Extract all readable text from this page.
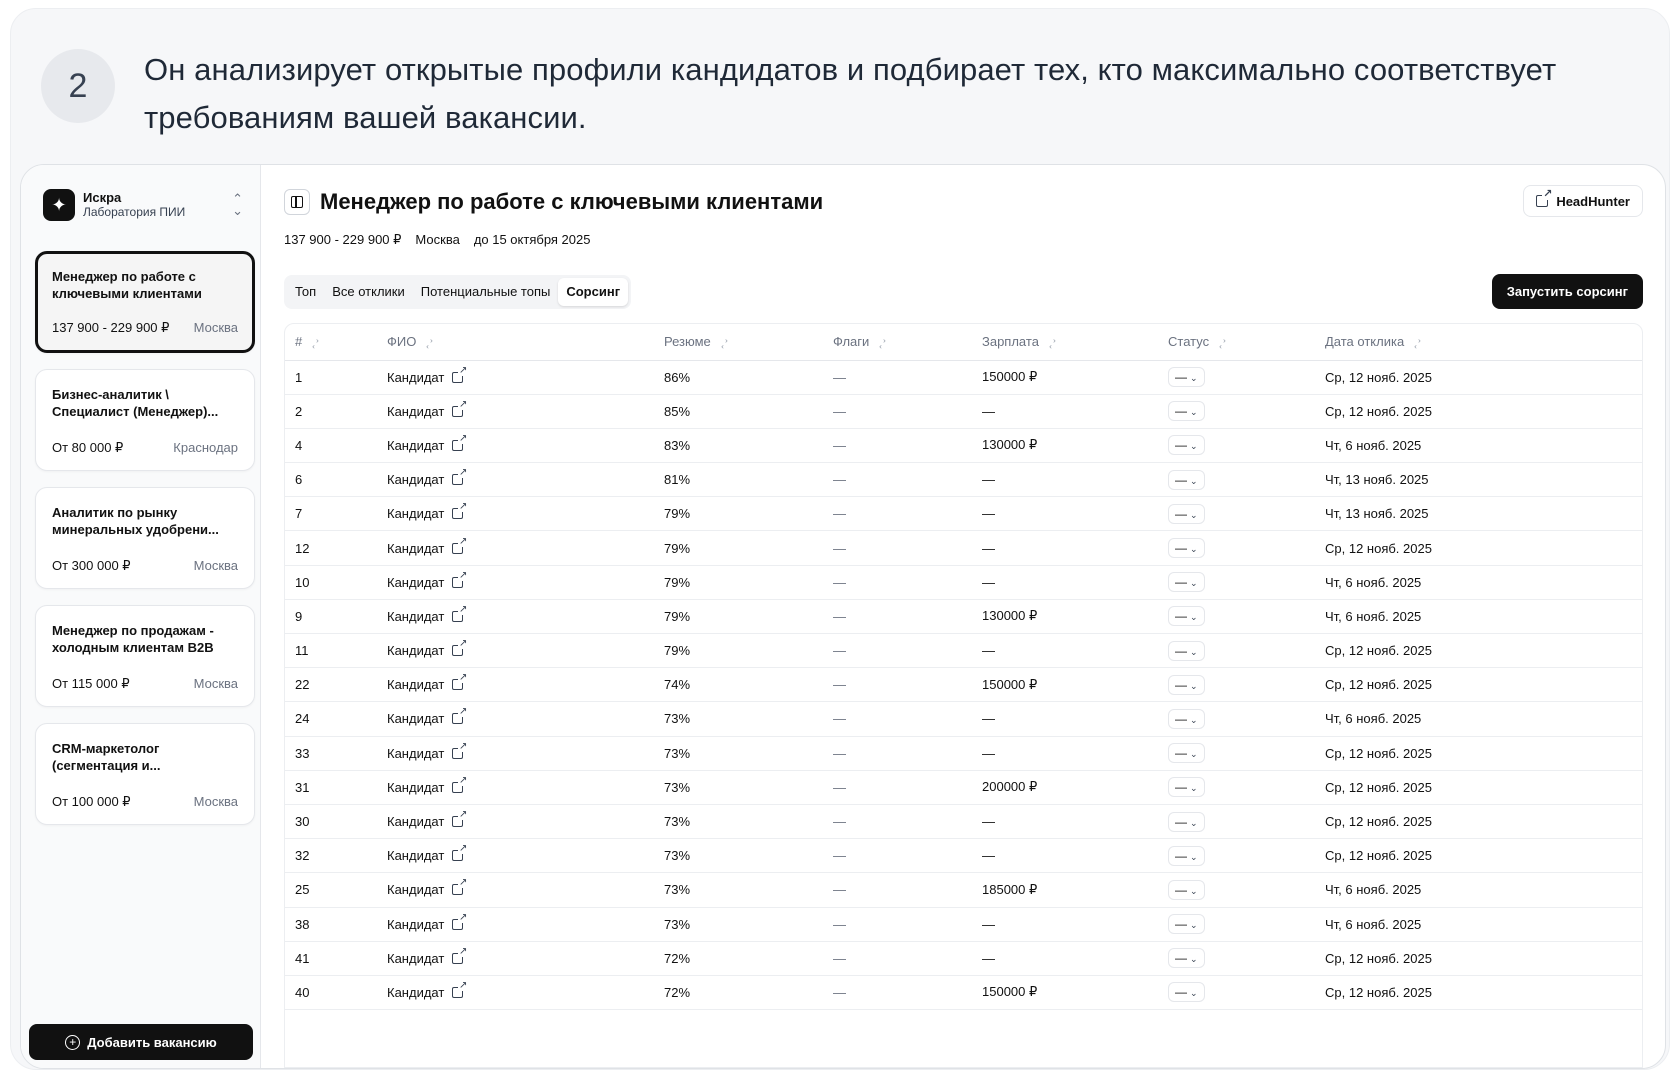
2	Он анализирует открытые профили кандидатов и подбирает тех, кто максимально соответствует требованиям вашей вакансии.
✦	Искра
Лаборатория ПИИ
⌃
⌄
Менеджер по работе с ключевыми клиентами
137 900 - 229 900 ₽ Москва
Бизнес-аналитик \ Специалист (Менеджер)...
От 80 000 ₽	Краснодар
Аналитик по рынку минеральных удобрени...
От 300 000 ₽	Москва
Менеджер по продажам - холодным клиентам B2B
От 115 000 ₽	Москва
CRM-маркетолог (сегментация и...
От 100 000 ₽	Москва
+ Добавить вакансию
Менеджер по работе с ключевыми клиентами ↗	HeadHunter
137 900 - 229 900 ₽ Москва до 15 октября 2025
Топ	Все отклики	Потенциальные топы	Сорсинг	Запустить сорсинг
# ⌃⌄	ФИО ⌃⌄	Резюме ⌃⌄	Флаги ⌃⌄	Зарплата ⌃⌄	Статус ⌃⌄	Дата отклика ⌃⌄
1	Кандидат↗	86%	—	150000 ₽	— ⌄	Ср, 12 нояб. 2025
2	Кандидат↗	85%	—	—	— ⌄	Ср, 12 нояб. 2025
4	Кандидат↗	83%	—	130000 ₽	— ⌄	Чт, 6 нояб. 2025
6	Кандидат↗	81%	—	—	— ⌄	Чт, 13 нояб. 2025
7	Кандидат↗	79%	—	—	— ⌄	Чт, 13 нояб. 2025
12	Кандидат↗	79%	—	—	— ⌄	Ср, 12 нояб. 2025
10	Кандидат↗	79%	—	—	— ⌄	Чт, 6 нояб. 2025
9	Кандидат↗	79%	—	130000 ₽	— ⌄	Чт, 6 нояб. 2025
11	Кандидат↗	79%	—	—	— ⌄	Ср, 12 нояб. 2025
22	Кандидат↗	74%	—	150000 ₽	— ⌄	Ср, 12 нояб. 2025
24	Кандидат↗	73%	—	—	— ⌄	Чт, 6 нояб. 2025
33	Кандидат↗	73%	—	—	— ⌄	Ср, 12 нояб. 2025
31	Кандидат↗	73%	—	200000 ₽	— ⌄	Ср, 12 нояб. 2025
30	Кандидат↗	73%	—	—	— ⌄	Ср, 12 нояб. 2025
32	Кандидат↗	73%	—	—	— ⌄	Ср, 12 нояб. 2025
25	Кандидат↗	73%	—	185000 ₽	— ⌄	Чт, 6 нояб. 2025
38	Кандидат↗	73%	—	—	— ⌄	Чт, 6 нояб. 2025
41	Кандидат↗	72%	—	—	— ⌄	Ср, 12 нояб. 2025
40	Кандидат↗	72%	—	150000 ₽	— ⌄	Ср, 12 нояб. 2025
